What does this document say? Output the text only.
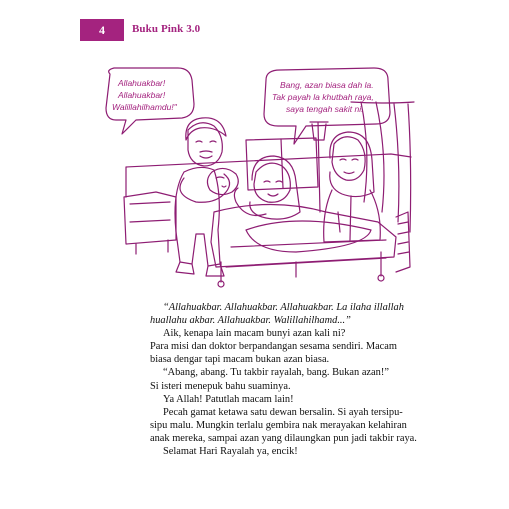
4 Buku Pink 3.0
Allahuakbar!
Allahuakbar!
Walillahilhamdu!"
Bang, azan biasa dah la.
Tak payah la khutbah raya,
saya tengah sakit ni.

“Allahuakbar. Allahuakbar. Allahuakbar. La ilaha illallah

huallahu akbar. Allahuakbar. Walillahilhamd...”

Aik, kenapa lain macam bunyi azan kali ni?

Para misi dan doktor berpandangan sesama sendiri. Macam

biasa dengar tapi macam bukan azan biasa.

“Abang, abang. Tu takbir rayalah, bang. Bukan azan!”

Si isteri menepuk bahu suaminya.

Ya Allah! Patutlah macam lain!

Pecah gamat ketawa satu dewan bersalin. Si ayah tersipu-

sipu malu. Mungkin terlalu gembira nak merayakan kelahiran

anak mereka, sampai azan yang dilaungkan pun jadi takbir raya.

Selamat Hari Rayalah ya, encik!
